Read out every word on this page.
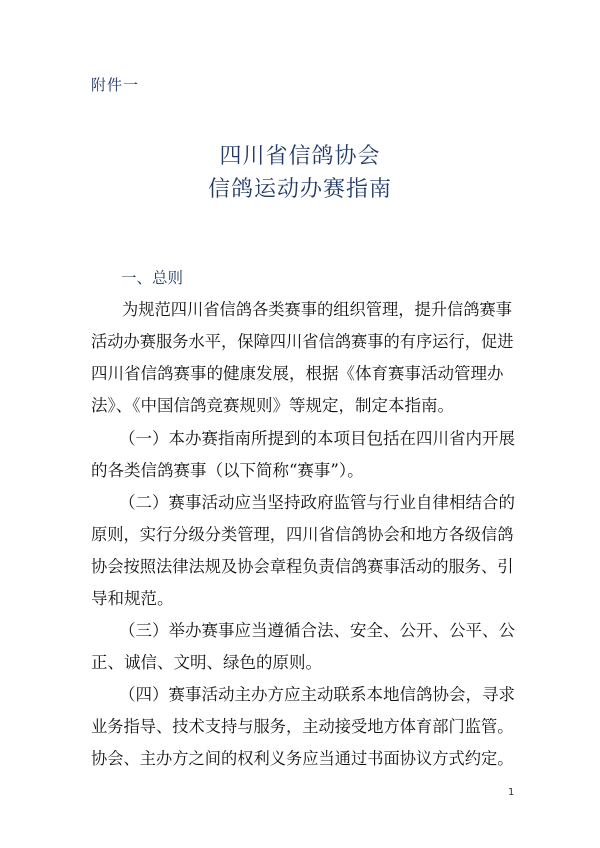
附件一
四川省信鸽协会
信鸽运动办赛指南
一、总则
为规范四川省信鸽各类赛事的组织管理，提升信鸽赛事
活动办赛服务水平，保障四川省信鸽赛事的有序运行，促进
四川省信鸽赛事的健康发展，根据《体育赛事活动管理办
法》、《中国信鸽竞赛规则》等规定，制定本指南。
（一）本办赛指南所提到的本项目包括在四川省内开展
的各类信鸽赛事（以下简称“赛事”）。
（二）赛事活动应当坚持政府监管与行业自律相结合的
原则，实行分级分类管理，四川省信鸽协会和地方各级信鸽
协会按照法律法规及协会章程负责信鸽赛事活动的服务、引
导和规范。
（三）举办赛事应当遵循合法、安全、公开、公平、公
正、诚信、文明、绿色的原则。
（四）赛事活动主办方应主动联系本地信鸽协会，寻求
业务指导、技术支持与服务，主动接受地方体育部门监管。
协会、主办方之间的权利义务应当通过书面协议方式约定。
1
